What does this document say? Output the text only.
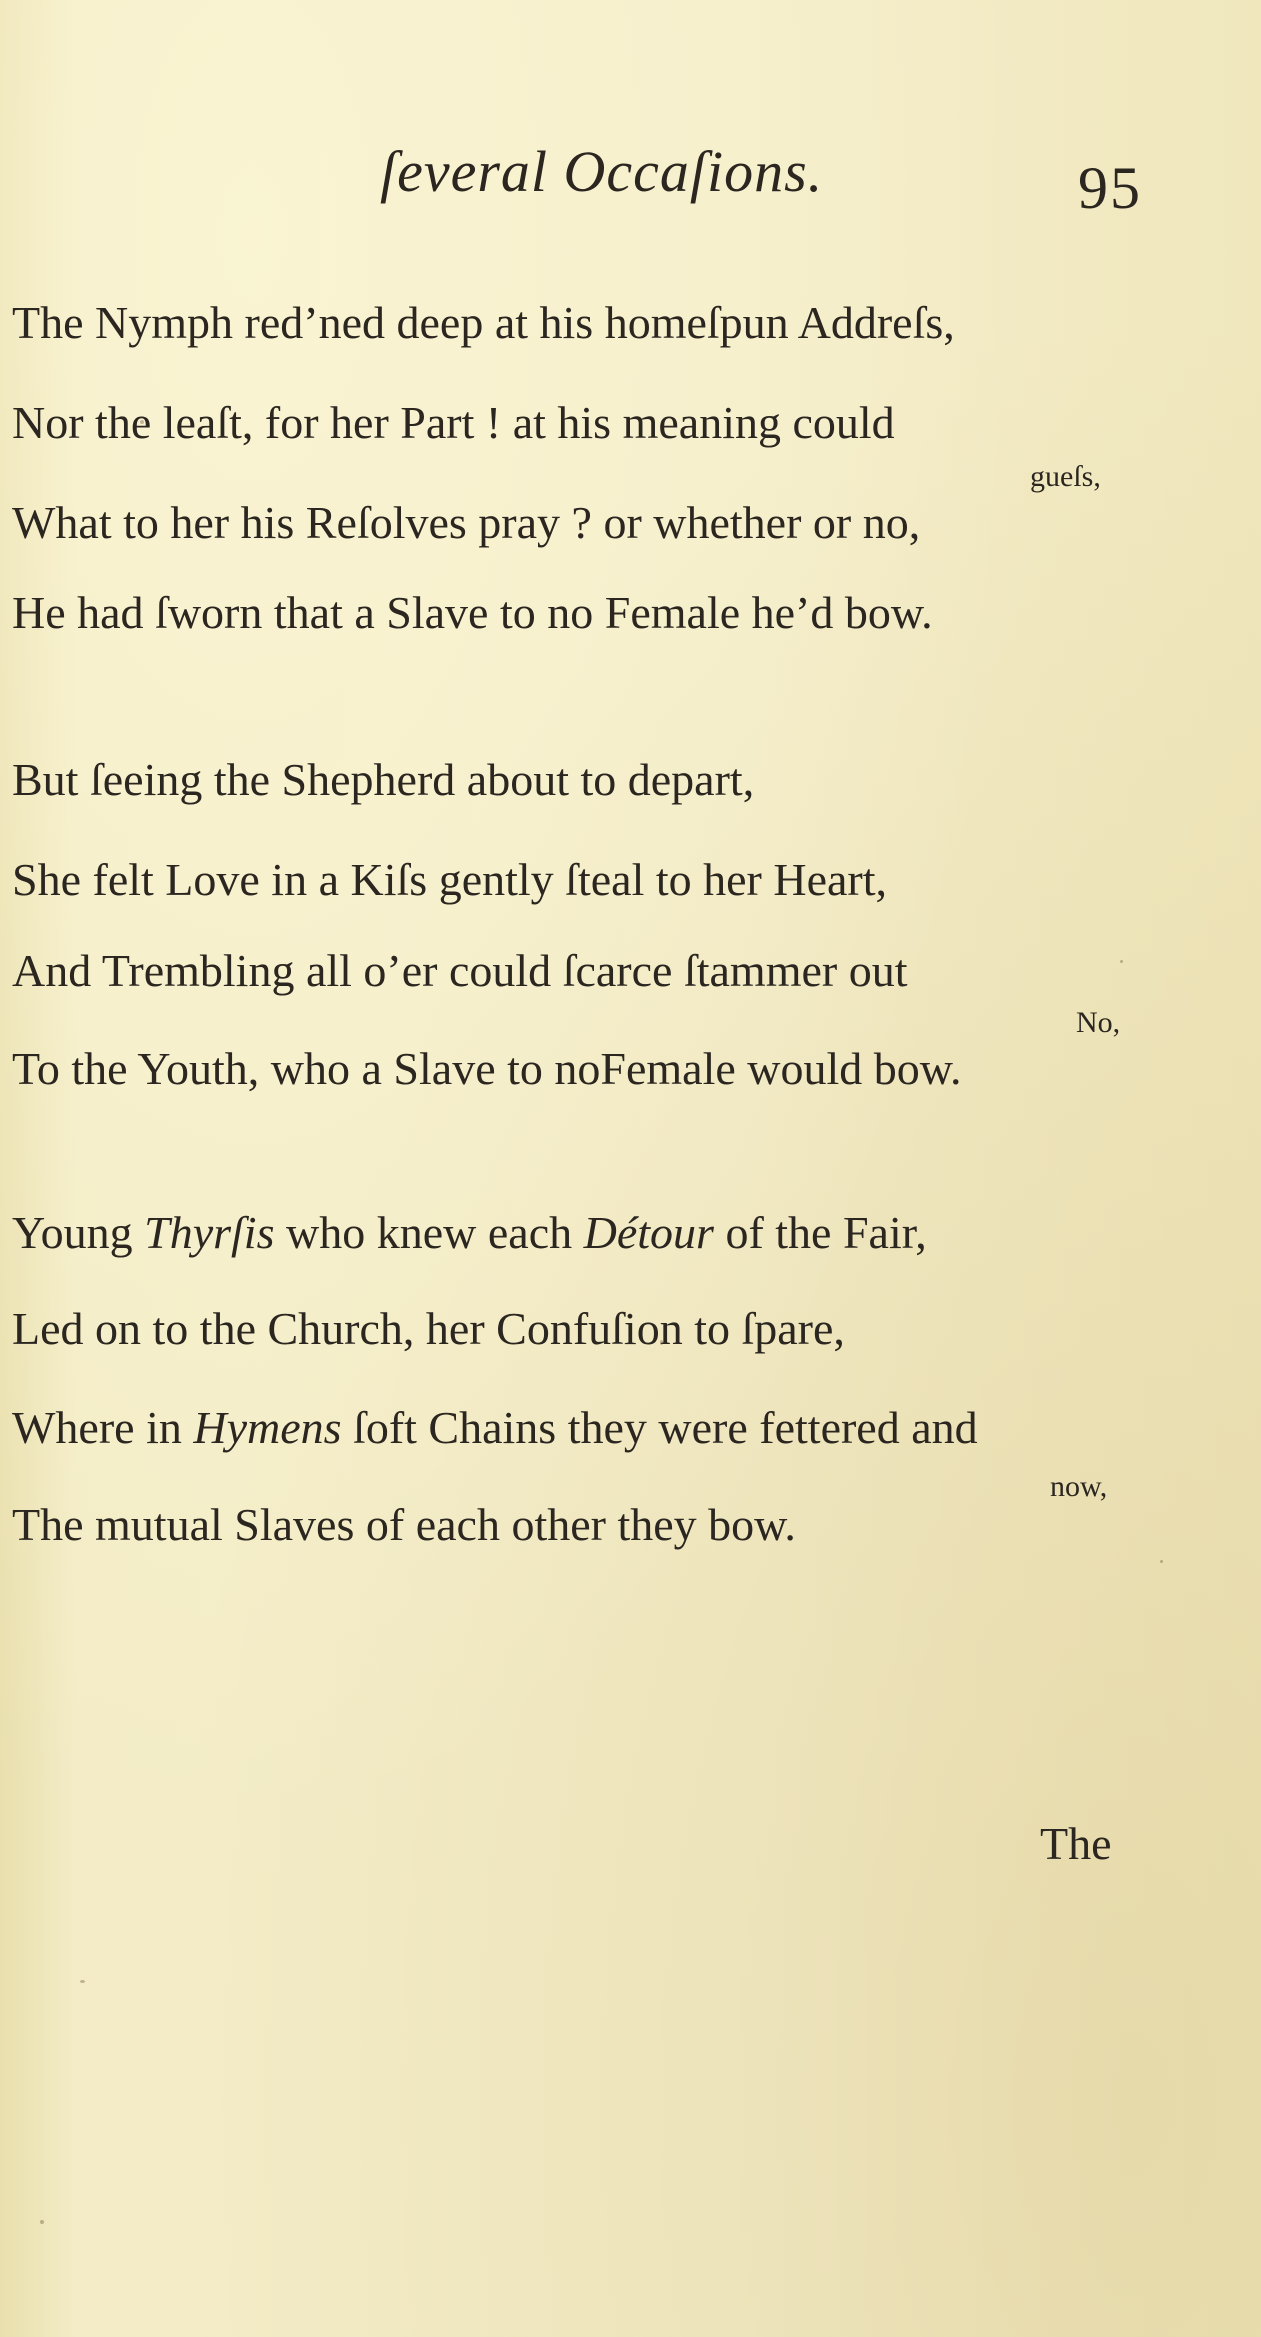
ſeveral Occaſions.	95
The Nymph red’ned deep at his homeſpun Addreſs,
Nor the leaſt, for her Part ! at his meaning could
gueſs,
What to her his Reſolves pray ? or whether or no,
He had ſworn that a Slave to no Female he’d bow.
But ſeeing the Shepherd about to depart,
She felt Love in a Kiſs gently ſteal to her Heart,
And Trembling all o’er could ſcarce ſtammer out
No,
To the Youth, who a Slave to noFemale would bow.
Young Thyrſis who knew each Détour of the Fair,
Led on to the Church, her Confuſion to ſpare,
Where in Hymens ſoft Chains they were fettered and
now,
The mutual Slaves of each other they bow.
The
